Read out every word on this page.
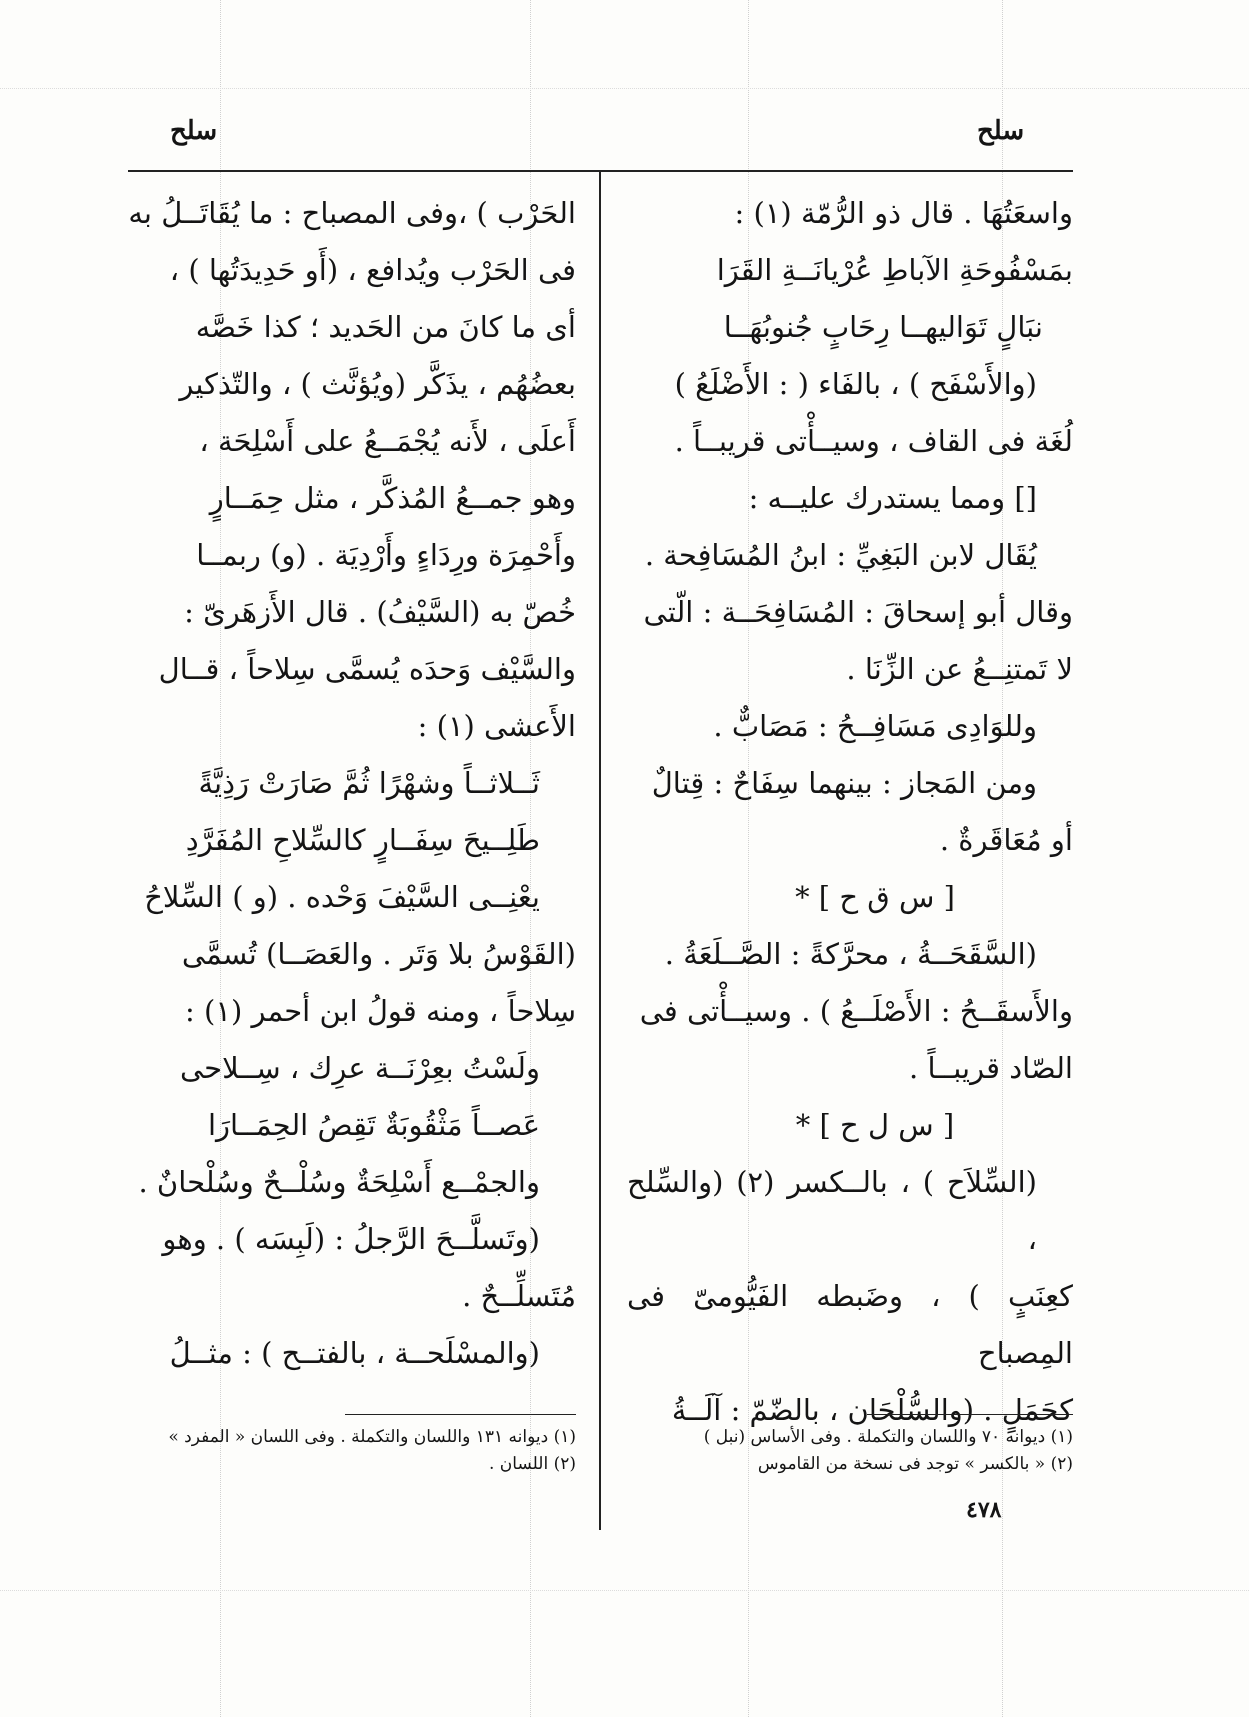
سلح
سلح

واسعَتُهَا . قال ذو الرُّمّة (١) :

بمَسْفُوحَةِ الآباطِ عُرْيانَــةِ القَرَا

نبَالٍ تَوَاليهــا رِحَابٍ جُنوبُهَــا

(والأَسْفَح ) ، بالفَاء ( : الأَضْلَعُ )

لُغَة فى القاف ، وسيــأْتى قريبــاً .

[] ومما يستدرك عليــه :

يُقَال لابن البَغِيِّ : ابنُ المُسَافِحة .

وقال أبو إسحاقَ : المُسَافِحَــة : الّتى

لا تَمتنِــعُ عن الزِّنَا .

وللوَادِى مَسَافِــحُ : مَصَابٌّ .

ومن المَجاز : بينهما سِفَاحٌ : قِتالٌ

أو مُعَاقَرةٌ .

[ س ق ح ] *

(السَّقَحَــةُ ، محرَّكةً : الصَّــلَعَةُ .

والأَسقَــحُ : الأَصْلَــعُ ) . وسيــأْتى فى

الصّاد قريبــاً .

[ س ل ح ] *

(السِّلاَح ) ، بالــكسر (٢) (والسِّلح ،

كعِنَبٍ ) ، وضَبطه الفَيُّومىّ فى المِصباح

كحَمَلٍ . (والسُّلْحَان ، بالضّمّ : آلَــةُ

الحَرْب ) ،وفى المصباح : ما يُقَاتَــلُ به

فى الحَرْب ويُدافع ، (أَو حَدِيدَتُها ) ،

أى ما كانَ من الحَديد ؛ كذا خَصَّه

بعضُهُم ، يذَكَّر (ويُؤنَّث ) ، والتّذكير

أَعلَى ، لأَنه يُجْمَــعُ على أَسْلِحَة ،

وهو جمــعُ المُذكَّر ، مثل حِمَــارٍ

وأَحْمِرَة ورِدَاءٍ وأَرْدِيَة . (و) ربمــا

خُصّ به (السَّيْفُ) . قال الأَزهَرىّ :

والسَّيْف وَحدَه يُسمَّى سِلاحاً ، قــال

الأَعشى (١) :

ثَــلاثــاً وشهْرًا ثُمَّ صَارَتْ رَذِيَّةً

طَلِــيحَ سِفَــارٍ كالسِّلاحِ المُفَرَّدِ

يعْنِــى السَّيْفَ وَحْده . (و ) السِّلاحُ

(القَوْسُ بلا وَتَر . والعَصَــا) تُسمَّى

سِلاحاً ، ومنه قولُ ابن أحمر (١) :

ولَسْتُ بعِرْنَــة عرِك ، سِــلاحى

عَصــاً مَثْقُوبَةٌ تَقِصُ الحِمَــارَا

والجمْــع أَسْلِحَةٌ وسُلْــحٌ وسُلْحانٌ .

(وتَسلَّــحَ الرَّجلُ : (لَبِسَه ) . وهو

مُتَسلِّــحٌ .

(والمسْلَحــة ، بالفتــح ) : مثــلُ

(١) ديوانه ٧٠ واللسان والتكملة . وفى الأساس (نبل )

(٢) « بالكسر » توجد فى نسخة من القاموس

(١) ديوانه ١٣١ واللسان والتكملة . وفى اللسان « المفرد »

(٢) اللسان .

٤٧٨
